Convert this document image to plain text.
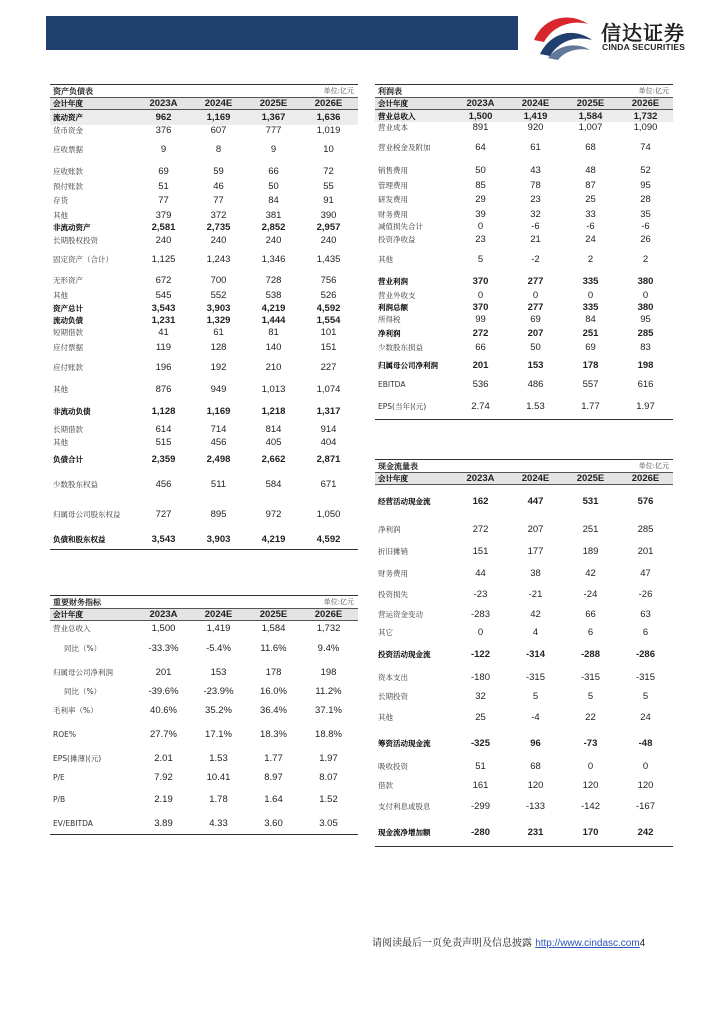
信达证券
CINDA SECURITIES
资产负债表	单位:亿元
会计年度	2023A	2024E	2025E	2026E
流动资产	962	1,169	1,367	1,636
货币资金	376	607	777	1,019
应收票据	9	8	9	10
应收账款	69	59	66	72
预付账款	51	46	50	55
存货	77	77	84	91
其他	379	372	381	390
非流动资产	2,581	2,735	2,852	2,957
长期股权投资	240	240	240	240
固定资产（合计）	1,125	1,243	1,346	1,435
无形资产	672	700	728	756
其他	545	552	538	526
资产总计	3,543	3,903	4,219	4,592
流动负债	1,231	1,329	1,444	1,554
短期借款	41	61	81	101
应付票据	119	128	140	151
应付账款	196	192	210	227
其他	876	949	1,013	1,074
非流动负债	1,128	1,169	1,218	1,317
长期借款	614	714	814	914
其他	515	456	405	404
负债合计	2,359	2,498	2,662	2,871
少数股东权益	456	511	584	671
归属母公司股东权益	727	895	972	1,050
负债和股东权益	3,543	3,903	4,219	4,592
利润表	单位:亿元
会计年度	2023A	2024E	2025E	2026E
营业总收入	1,500	1,419	1,584	1,732
营业成本	891	920	1,007	1,090
营业税金及附加	64	61	68	74
销售费用	50	43	48	52
管理费用	85	78	87	95
研发费用	29	23	25	28
财务费用	39	32	33	35
减值损失合计	0	-6	-6	-6
投资净收益	23	21	24	26
其他	5	-2	2	2
营业利润	370	277	335	380
营业外收支	0	0	0	0
利润总额	370	277	335	380
所得税	99	69	84	95
净利润	272	207	251	285
少数股东损益	66	50	69	83
归属母公司净利润	201	153	178	198
EBITDA	536	486	557	616
EPS(当年)(元)	2.74	1.53	1.77	1.97
重要财务指标	单位:亿元
会计年度	2023A	2024E	2025E	2026E
营业总收入	1,500	1,419	1,584	1,732
同比（%）	-33.3%	-5.4%	11.6%	9.4%
归属母公司净利润	201	153	178	198
同比（%）	-39.6%	-23.9%	16.0%	11.2%
毛利率（%）	40.6%	35.2%	36.4%	37.1%
ROE%	27.7%	17.1%	18.3%	18.8%
EPS(摊薄)(元)	2.01	1.53	1.77	1.97
P/E	7.92	10.41	8.97	8.07
P/B	2.19	1.78	1.64	1.52
EV/EBITDA	3.89	4.33	3.60	3.05
现金流量表	单位:亿元
会计年度	2023A	2024E	2025E	2026E
经营活动现金流	162	447	531	576
净利润	272	207	251	285
折旧摊销	151	177	189	201
财务费用	44	38	42	47
投资损失	-23	-21	-24	-26
营运资金变动	-283	42	66	63
其它	0	4	6	6
投资活动现金流	-122	-314	-288	-286
资本支出	-180	-315	-315	-315
长期投资	32	5	5	5
其他	25	-4	22	24
筹资活动现金流	-325	96	-73	-48
吸收投资	51	68	0	0
借款	161	120	120	120
支付利息或股息	-299	-133	-142	-167
现金流净增加额	-280	231	170	242
请阅读最后一页免责声明及信息披露 http://www.cindasc.com4
